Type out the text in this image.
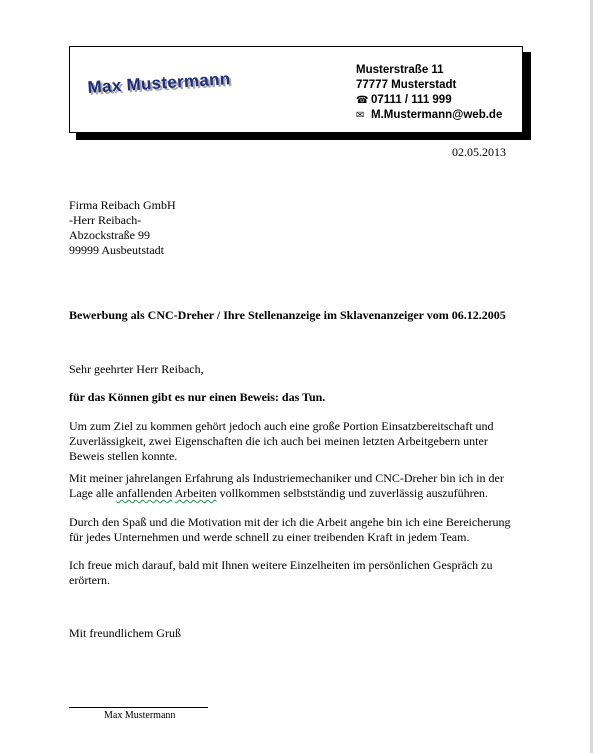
Max Mustermann	Musterstraße 11
77777 Musterstadt
☎ 07111 / 111 999
✉ M.Mustermann@web.de
02.05.2013
Firma Reibach GmbH
-Herr Reibach-
Abzockstraße 99
99999 Ausbeutstadt
Bewerbung als CNC-Dreher / Ihre Stellenanzeige im Sklavenanzeiger vom 06.12.2005
Sehr geehrter Herr Reibach,
für das Können gibt es nur einen Beweis: das Tun.
Um zum Ziel zu kommen gehört jedoch auch eine große Portion Einsatzbereitschaft und
Zuverlässigkeit, zwei Eigenschaften die ich auch bei meinen letzten Arbeitgebern unter
Beweis stellen konnte.
Mit meiner jahrelangen Erfahrung als Industriemechaniker und CNC-Dreher bin ich in der
Lage alle anfallenden Arbeiten vollkommen selbstständig und zuverlässig auszuführen.
Durch den Spaß und die Motivation mit der ich die Arbeit angehe bin ich eine Bereicherung
für jedes Unternehmen und werde schnell zu einer treibenden Kraft in jedem Team.
Ich freue mich darauf, bald mit Ihnen weitere Einzelheiten im persönlichen Gespräch zu
erörtern.
Mit freundlichem Gruß
Max Mustermann
